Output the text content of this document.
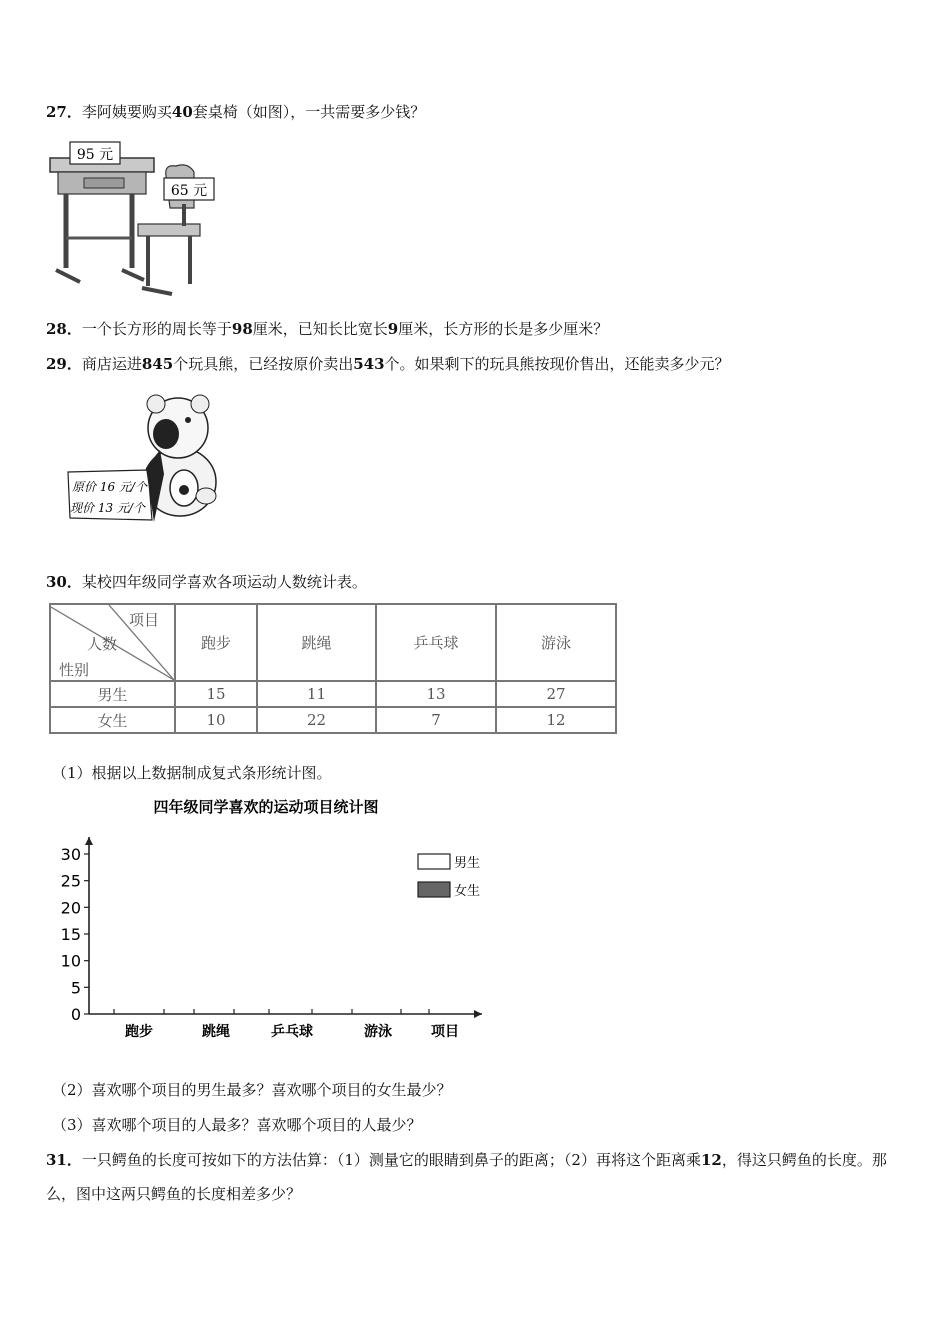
27．李阿姨要购买40套桌椅（如图），一共需要多少钱？
95 元
65 元
28．一个长方形的周长等于98厘米，已知长比宽长9厘米，长方形的长是多少厘米？
29．商店运进845个玩具熊，已经按原价卖出543个。如果剩下的玩具熊按现价售出，还能卖多少元？
原价 16 元/个
现价 13 元/个
30．某校四年级同学喜欢各项运动人数统计表。
项目
人数
性别	跑步	跳绳	乒乓球	游泳
男生	15	11	13	27
女生	10	22	7	12
（1）根据以上数据制成复式条形统计图。
四年级同学喜欢的运动项目统计图
0
5
10
15
20
25
30
跑步	跳绳	乒乓球	游泳	项目
男生
女生
（2）喜欢哪个项目的男生最多？喜欢哪个项目的女生最少？
（3）喜欢哪个项目的人最多？喜欢哪个项目的人最少？
31．一只鳄鱼的长度可按如下的方法估算：（1）测量它的眼睛到鼻子的距离；（2）再将这个距离乘12，得这只鳄鱼的长度。那么，图中这两只鳄鱼的长度相差多少？
